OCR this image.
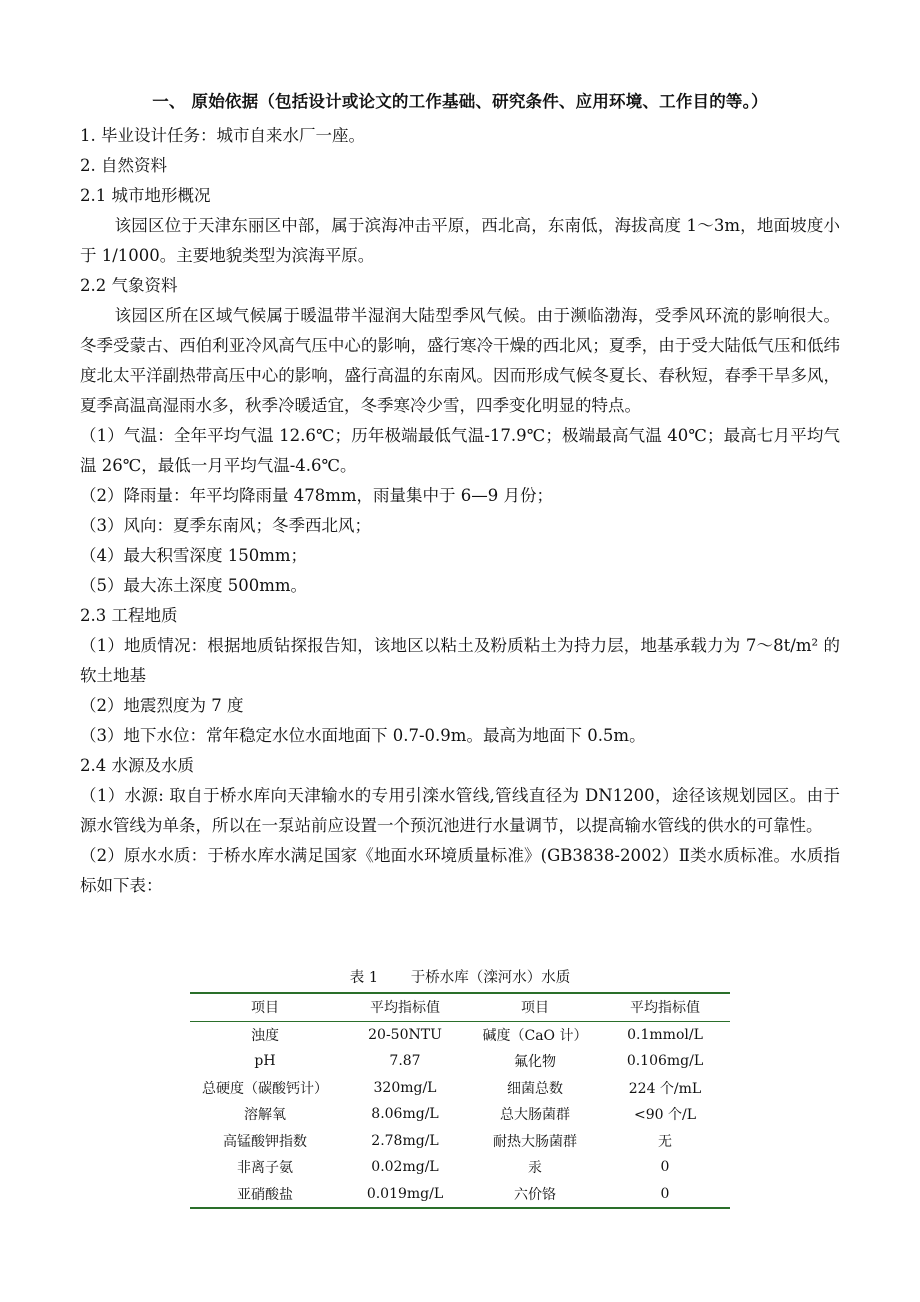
一、 原始依据（包括设计或论文的工作基础、研究条件、应用环境、工作目的等。）

1. 毕业设计任务：城市自来水厂一座。

2. 自然资料

2.1 城市地形概况

该园区位于天津东丽区中部，属于滨海冲击平原，西北高，东南低，海拔高度 1～3m，地面坡度小于 1/1000。主要地貌类型为滨海平原。

2.2 气象资料

该园区所在区域气候属于暖温带半湿润大陆型季风气候。由于濒临渤海，受季风环流的影响很大。冬季受蒙古、西伯利亚冷风高气压中心的影响，盛行寒冷干燥的西北风；夏季，由于受大陆低气压和低纬度北太平洋副热带高压中心的影响，盛行高温的东南风。因而形成气候冬夏长、春秋短，春季干旱多风，夏季高温高湿雨水多，秋季冷暖适宜，冬季寒冷少雪，四季变化明显的特点。

（1）气温：全年平均气温 12.6℃；历年极端最低气温-17.9℃；极端最高气温 40℃；最高七月平均气温 26℃，最低一月平均气温-4.6℃。

（2）降雨量：年平均降雨量 478mm，雨量集中于 6—9 月份；

（3）风向：夏季东南风；冬季西北风；

（4）最大积雪深度 150mm；

（5）最大冻土深度 500mm。

2.3 工程地质

（1）地质情况：根据地质钻探报告知，该地区以粘土及粉质粘土为持力层，地基承载力为 7～8t/m² 的软土地基

（2）地震烈度为 7 度

（3）地下水位：常年稳定水位水面地面下 0.7-0.9m。最高为地面下 0.5m。

2.4 水源及水质

（1）水源: 取自于桥水库向天津输水的专用引滦水管线,管线直径为 DN1200，途径该规划园区。由于源水管线为单条，所以在一泵站前应设置一个预沉池进行水量调节，以提高输水管线的供水的可靠性。

（2）原水水质：于桥水库水满足国家《地面水环境质量标准》(GB3838-2002）Ⅱ类水质标准。水质指标如下表：

表 1 于桥水库（滦河水）水质
项目	平均指标值	项目	平均指标值
浊度	20-50NTU	碱度（CaO 计）	0.1mmol/L
pH	7.87	氟化物	0.106mg/L
总硬度（碳酸钙计）	320mg/L	细菌总数	224 个/mL
溶解氧	8.06mg/L	总大肠菌群	<90 个/L
高锰酸钾指数	2.78mg/L	耐热大肠菌群	无
非离子氨	0.02mg/L	汞	0
亚硝酸盐	0.019mg/L	六价铬	0
